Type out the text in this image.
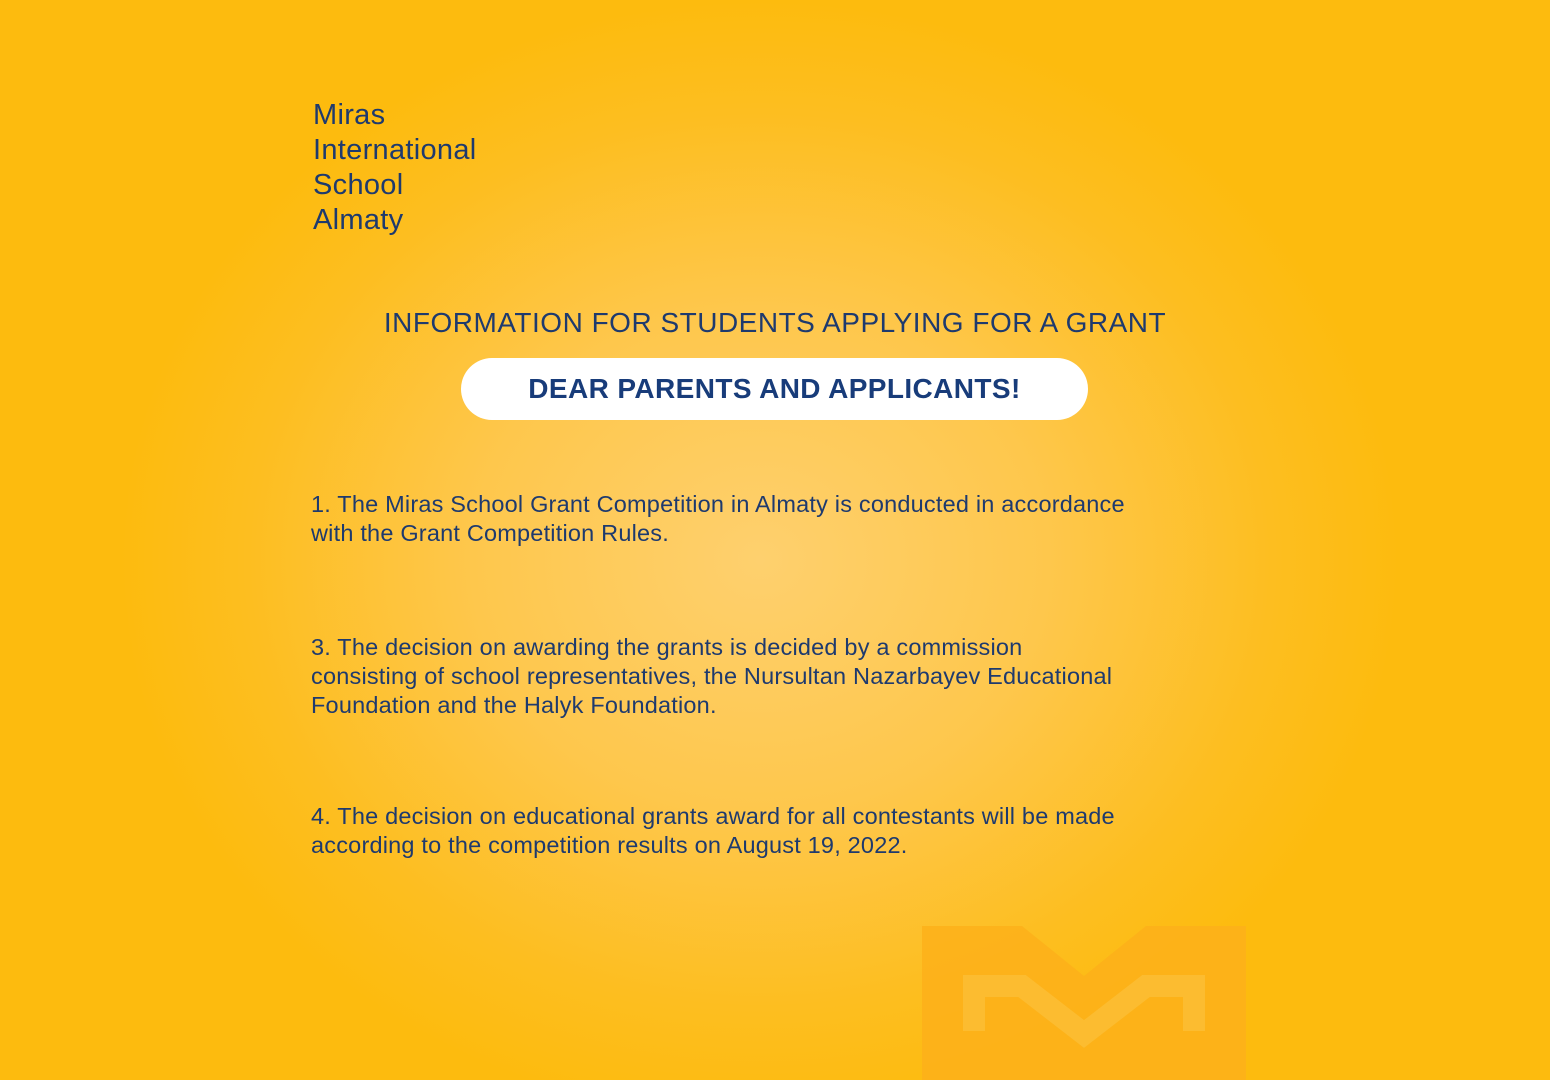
Miras
International
School
Almaty
INFORMATION FOR STUDENTS APPLYING FOR A GRANT
DEAR PARENTS AND APPLICANTS!
1. The Miras School Grant Competition in Almaty is conducted in accordance
with the Grant Competition Rules.
3. The decision on awarding the grants is decided by a commission
consisting of school representatives, the Nursultan Nazarbayev Educational
Foundation and the Halyk Foundation.
4. The decision on educational grants award for all contestants will be made
according to the competition results on August 19, 2022.
